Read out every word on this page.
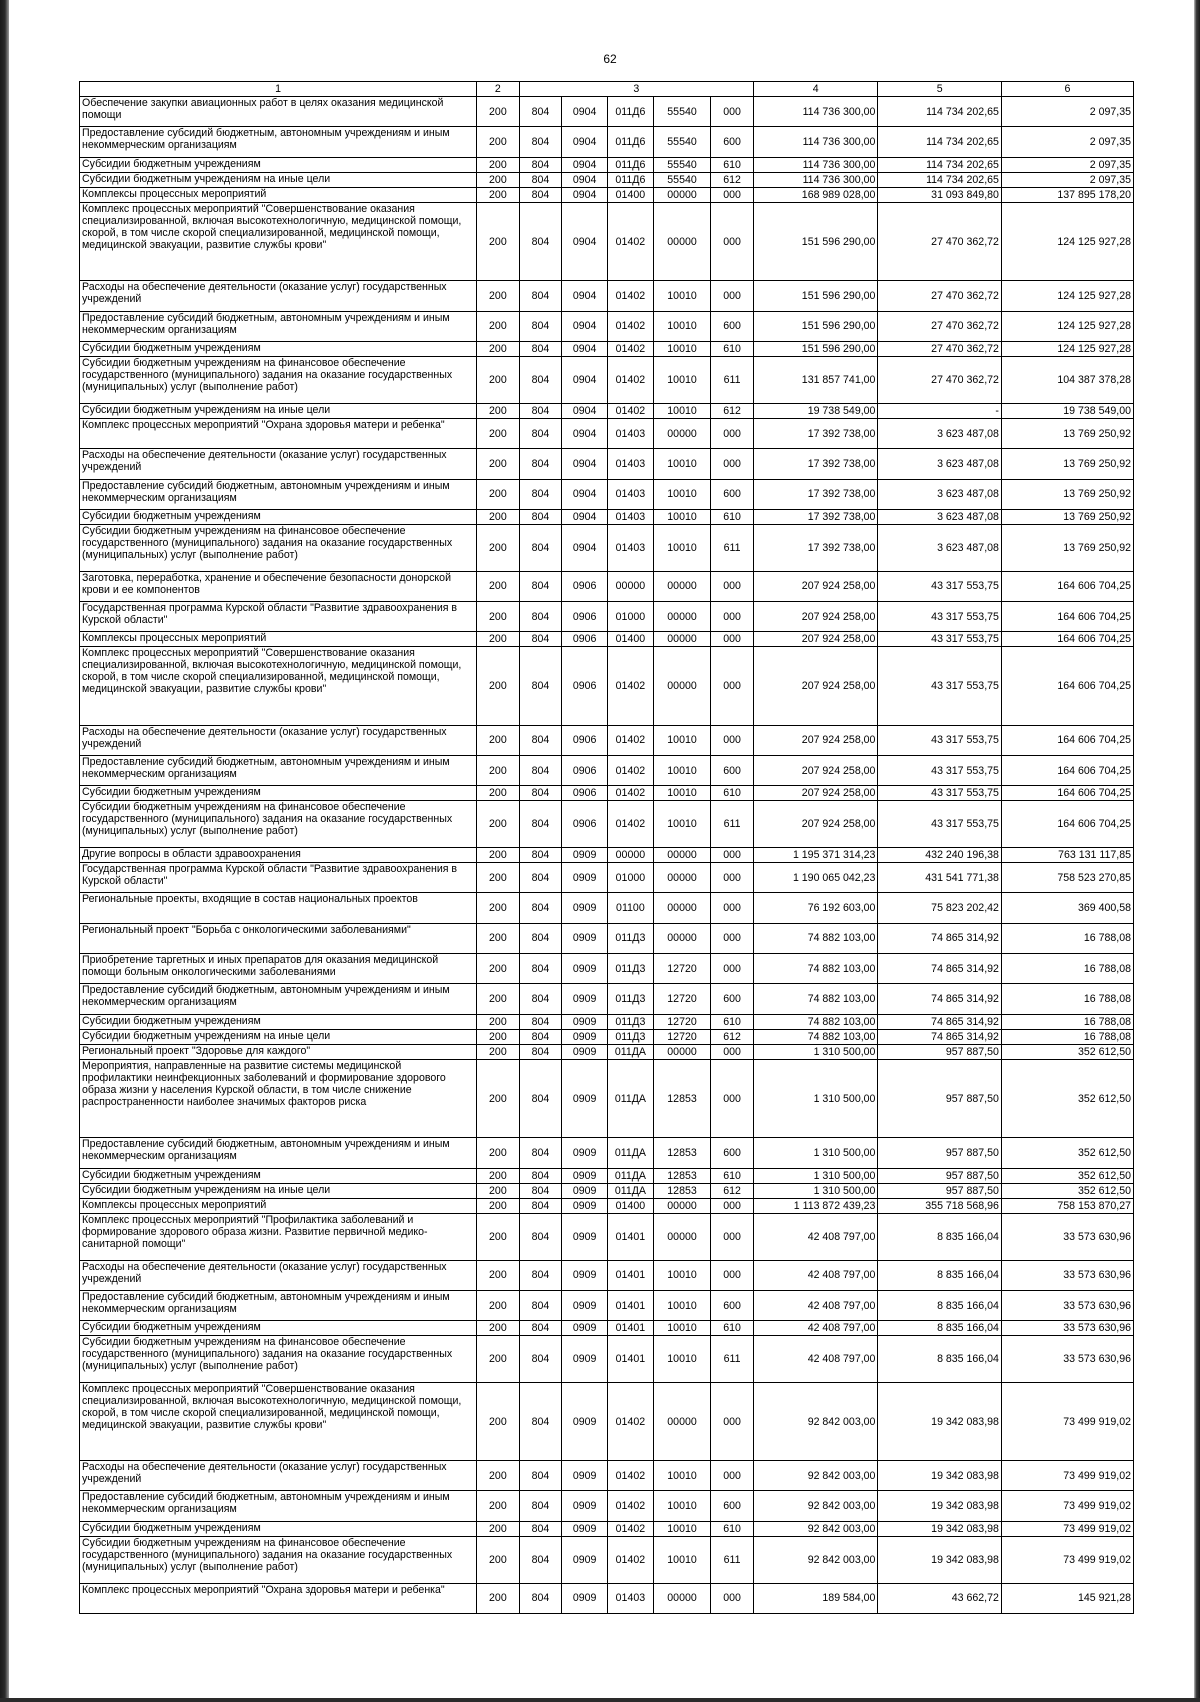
62
1	2	3					4	5	6
Обеспечение закупки авиационных работ в целях оказания медицинской помощи	200	804	0904	011Д6	55540	000	114 736 300,00	114 734 202,65	2 097,35
Предоставление субсидий бюджетным, автономным учреждениям и иным некоммерческим организациям	200	804	0904	011Д6	55540	600	114 736 300,00	114 734 202,65	2 097,35
Субсидии бюджетным учреждениям	200	804	0904	011Д6	55540	610	114 736 300,00	114 734 202,65	2 097,35
Субсидии бюджетным учреждениям на иные цели	200	804	0904	011Д6	55540	612	114 736 300,00	114 734 202,65	2 097,35
Комплексы процессных мероприятий	200	804	0904	01400	00000	000	168 989 028,00	31 093 849,80	137 895 178,20
Комплекс процессных мероприятий "Совершенствование оказания специализированной, включая высокотехнологичную, медицинской помощи, скорой, в том числе скорой специализированной, медицинской помощи, медицинской эвакуации, развитие службы крови"	200	804	0904	01402	00000	000	151 596 290,00	27 470 362,72	124 125 927,28
Расходы на обеспечение деятельности (оказание услуг) государственных учреждений	200	804	0904	01402	10010	000	151 596 290,00	27 470 362,72	124 125 927,28
Предоставление субсидий бюджетным, автономным учреждениям и иным некоммерческим организациям	200	804	0904	01402	10010	600	151 596 290,00	27 470 362,72	124 125 927,28
Субсидии бюджетным учреждениям	200	804	0904	01402	10010	610	151 596 290,00	27 470 362,72	124 125 927,28
Субсидии бюджетным учреждениям на финансовое обеспечение государственного (муниципального) задания на оказание государственных (муниципальных) услуг (выполнение работ)	200	804	0904	01402	10010	611	131 857 741,00	27 470 362,72	104 387 378,28
Субсидии бюджетным учреждениям на иные цели	200	804	0904	01402	10010	612	19 738 549,00	-	19 738 549,00
Комплекс процессных мероприятий "Охрана здоровья матери и ребенка"	200	804	0904	01403	00000	000	17 392 738,00	3 623 487,08	13 769 250,92
Расходы на обеспечение деятельности (оказание услуг) государственных учреждений	200	804	0904	01403	10010	000	17 392 738,00	3 623 487,08	13 769 250,92
Предоставление субсидий бюджетным, автономным учреждениям и иным некоммерческим организациям	200	804	0904	01403	10010	600	17 392 738,00	3 623 487,08	13 769 250,92
Субсидии бюджетным учреждениям	200	804	0904	01403	10010	610	17 392 738,00	3 623 487,08	13 769 250,92
Субсидии бюджетным учреждениям на финансовое обеспечение государственного (муниципального) задания на оказание государственных (муниципальных) услуг (выполнение работ)	200	804	0904	01403	10010	611	17 392 738,00	3 623 487,08	13 769 250,92
Заготовка, переработка, хранение и обеспечение безопасности донорской крови и ее компонентов	200	804	0906	00000	00000	000	207 924 258,00	43 317 553,75	164 606 704,25
Государственная программа Курской области "Развитие здравоохранения в Курской области"	200	804	0906	01000	00000	000	207 924 258,00	43 317 553,75	164 606 704,25
Комплексы процессных мероприятий	200	804	0906	01400	00000	000	207 924 258,00	43 317 553,75	164 606 704,25
Комплекс процессных мероприятий "Совершенствование оказания специализированной, включая высокотехнологичную, медицинской помощи, скорой, в том числе скорой специализированной, медицинской помощи, медицинской эвакуации, развитие службы крови"	200	804	0906	01402	00000	000	207 924 258,00	43 317 553,75	164 606 704,25
Расходы на обеспечение деятельности (оказание услуг) государственных учреждений	200	804	0906	01402	10010	000	207 924 258,00	43 317 553,75	164 606 704,25
Предоставление субсидий бюджетным, автономным учреждениям и иным некоммерческим организациям	200	804	0906	01402	10010	600	207 924 258,00	43 317 553,75	164 606 704,25
Субсидии бюджетным учреждениям	200	804	0906	01402	10010	610	207 924 258,00	43 317 553,75	164 606 704,25
Субсидии бюджетным учреждениям на финансовое обеспечение государственного (муниципального) задания на оказание государственных (муниципальных) услуг (выполнение работ)	200	804	0906	01402	10010	611	207 924 258,00	43 317 553,75	164 606 704,25
Другие вопросы в области здравоохранения	200	804	0909	00000	00000	000	1 195 371 314,23	432 240 196,38	763 131 117,85
Государственная программа Курской области "Развитие здравоохранения в Курской области"	200	804	0909	01000	00000	000	1 190 065 042,23	431 541 771,38	758 523 270,85
Региональные проекты, входящие в состав национальных проектов	200	804	0909	01100	00000	000	76 192 603,00	75 823 202,42	369 400,58
Региональный проект "Борьба с онкологическими заболеваниями"	200	804	0909	011Д3	00000	000	74 882 103,00	74 865 314,92	16 788,08
Приобретение таргетных и иных препаратов для оказания медицинской помощи больным онкологическими заболеваниями	200	804	0909	011Д3	12720	000	74 882 103,00	74 865 314,92	16 788,08
Предоставление субсидий бюджетным, автономным учреждениям и иным некоммерческим организациям	200	804	0909	011Д3	12720	600	74 882 103,00	74 865 314,92	16 788,08
Субсидии бюджетным учреждениям	200	804	0909	011Д3	12720	610	74 882 103,00	74 865 314,92	16 788,08
Субсидии бюджетным учреждениям на иные цели	200	804	0909	011Д3	12720	612	74 882 103,00	74 865 314,92	16 788,08
Региональный проект "Здоровье для каждого"	200	804	0909	011ДА	00000	000	1 310 500,00	957 887,50	352 612,50
Мероприятия, направленные на развитие системы медицинской профилактики неинфекционных заболеваний и формирование здорового образа жизни у населения Курской области, в том числе снижение распространенности наиболее значимых факторов риска	200	804	0909	011ДА	12853	000	1 310 500,00	957 887,50	352 612,50
Предоставление субсидий бюджетным, автономным учреждениям и иным некоммерческим организациям	200	804	0909	011ДА	12853	600	1 310 500,00	957 887,50	352 612,50
Субсидии бюджетным учреждениям	200	804	0909	011ДА	12853	610	1 310 500,00	957 887,50	352 612,50
Субсидии бюджетным учреждениям на иные цели	200	804	0909	011ДА	12853	612	1 310 500,00	957 887,50	352 612,50
Комплексы процессных мероприятий	200	804	0909	01400	00000	000	1 113 872 439,23	355 718 568,96	758 153 870,27
Комплекс процессных мероприятий "Профилактика заболеваний и формирование здорового образа жизни. Развитие первичной медико-санитарной помощи"	200	804	0909	01401	00000	000	42 408 797,00	8 835 166,04	33 573 630,96
Расходы на обеспечение деятельности (оказание услуг) государственных учреждений	200	804	0909	01401	10010	000	42 408 797,00	8 835 166,04	33 573 630,96
Предоставление субсидий бюджетным, автономным учреждениям и иным некоммерческим организациям	200	804	0909	01401	10010	600	42 408 797,00	8 835 166,04	33 573 630,96
Субсидии бюджетным учреждениям	200	804	0909	01401	10010	610	42 408 797,00	8 835 166,04	33 573 630,96
Субсидии бюджетным учреждениям на финансовое обеспечение государственного (муниципального) задания на оказание государственных (муниципальных) услуг (выполнение работ)	200	804	0909	01401	10010	611	42 408 797,00	8 835 166,04	33 573 630,96
Комплекс процессных мероприятий "Совершенствование оказания специализированной, включая высокотехнологичную, медицинской помощи, скорой, в том числе скорой специализированной, медицинской помощи, медицинской эвакуации, развитие службы крови"	200	804	0909	01402	00000	000	92 842 003,00	19 342 083,98	73 499 919,02
Расходы на обеспечение деятельности (оказание услуг) государственных учреждений	200	804	0909	01402	10010	000	92 842 003,00	19 342 083,98	73 499 919,02
Предоставление субсидий бюджетным, автономным учреждениям и иным некоммерческим организациям	200	804	0909	01402	10010	600	92 842 003,00	19 342 083,98	73 499 919,02
Субсидии бюджетным учреждениям	200	804	0909	01402	10010	610	92 842 003,00	19 342 083,98	73 499 919,02
Субсидии бюджетным учреждениям на финансовое обеспечение государственного (муниципального) задания на оказание государственных (муниципальных) услуг (выполнение работ)	200	804	0909	01402	10010	611	92 842 003,00	19 342 083,98	73 499 919,02
Комплекс процессных мероприятий "Охрана здоровья матери и ребенка"	200	804	0909	01403	00000	000	189 584,00	43 662,72	145 921,28
